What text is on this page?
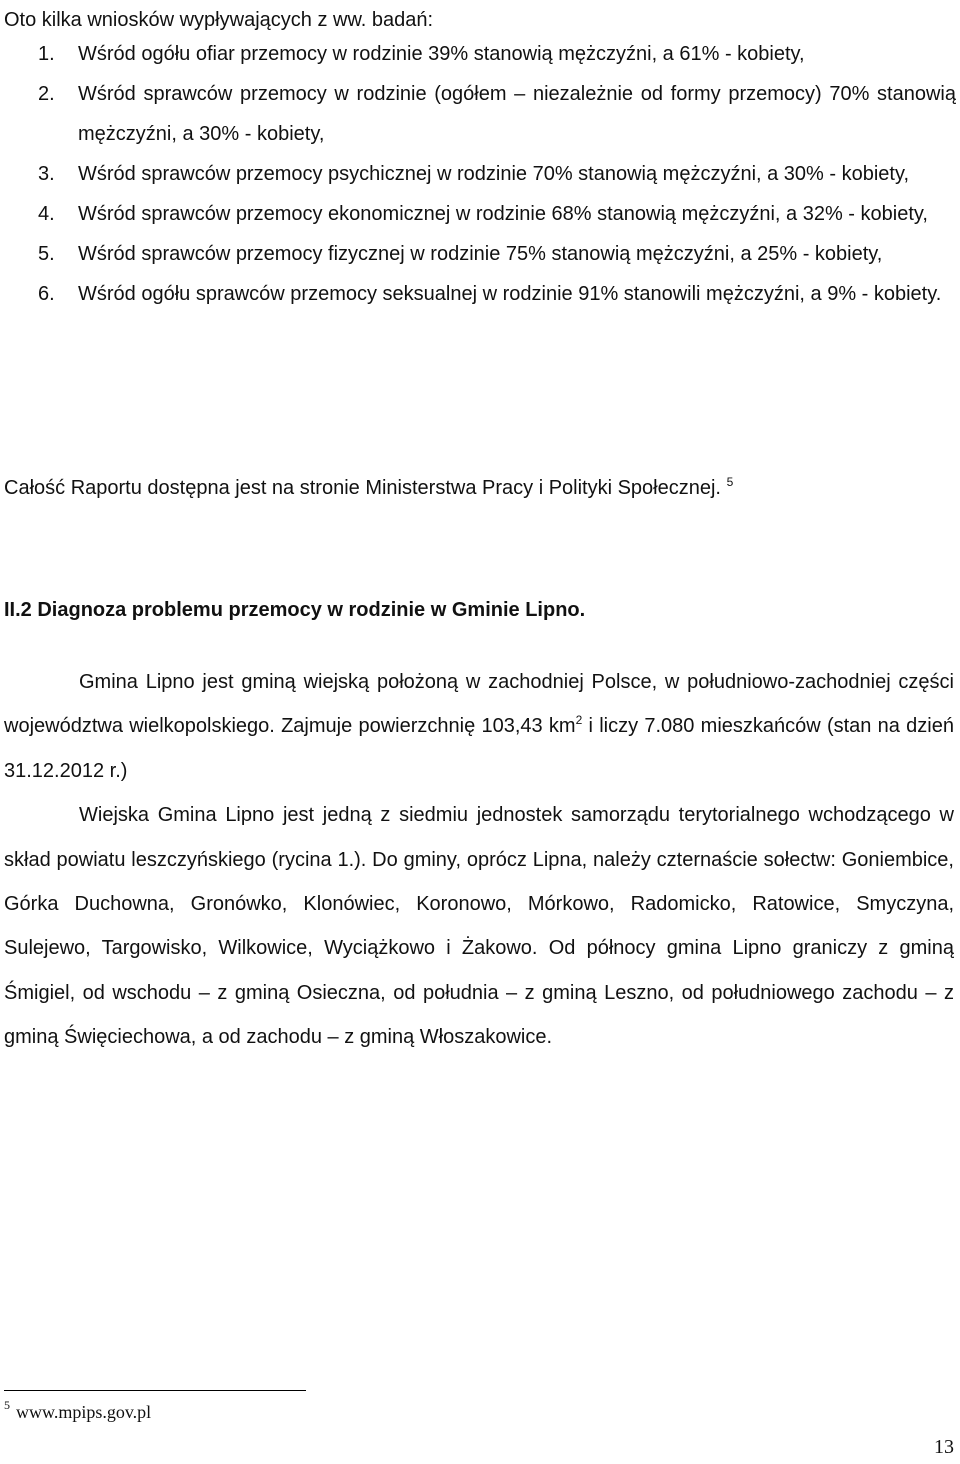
Oto kilka wniosków wypływających z ww. badań:
1. Wśród ogółu ofiar przemocy w rodzinie 39% stanowią mężczyźni, a 61% - kobiety,
2. Wśród sprawców przemocy w rodzinie (ogółem – niezależnie od formy przemocy) 70% stanowią mężczyźni, a 30% - kobiety,
3. Wśród sprawców przemocy psychicznej w rodzinie 70% stanowią mężczyźni, a 30% - kobiety,
4. Wśród sprawców przemocy ekonomicznej w rodzinie 68% stanowią mężczyźni, a 32% - kobiety,
5. Wśród sprawców przemocy fizycznej w rodzinie 75% stanowią mężczyźni, a 25% - kobiety,
6. Wśród ogółu sprawców przemocy seksualnej w rodzinie 91% stanowili mężczyźni, a 9% - kobiety.
Całość Raportu dostępna jest na stronie Ministerstwa Pracy i Polityki Społecznej. $^5$
II.2 Diagnoza problemu przemocy w rodzinie w Gminie Lipno.

Gmina Lipno jest gminą wiejską położoną w zachodniej Polsce, w południowo-zachodniej części województwa wielkopolskiego. Zajmuje powierzchnię 103,43 $km^2$ i liczy 7.080 mieszkańców (stan na dzień 31.12.2012 r.)

Wiejska Gmina Lipno jest jedną z siedmiu jednostek samorządu terytorialnego wchodzącego w skład powiatu leszczyńskiego (rycina 1.). Do gminy, oprócz Lipna, należy czternaście sołectw: Goniembice, Górka Duchowna, Gronówko, Klonówiec, Koronowo, Mórkowo, Radomicko, Ratowice, Smyczyna, Sulejewo, Targowisko, Wilkowice, Wyciążkowo i Żakowo. Od północy gmina Lipno graniczy z gminą Śmigiel, od wschodu – z gminą Osieczna, od południa – z gminą Leszno, od południowego zachodu – z gminą Święciechowa, a od zachodu – z gminą Włoszakowice.

$^5$ www.mpips.gov.pl
13
